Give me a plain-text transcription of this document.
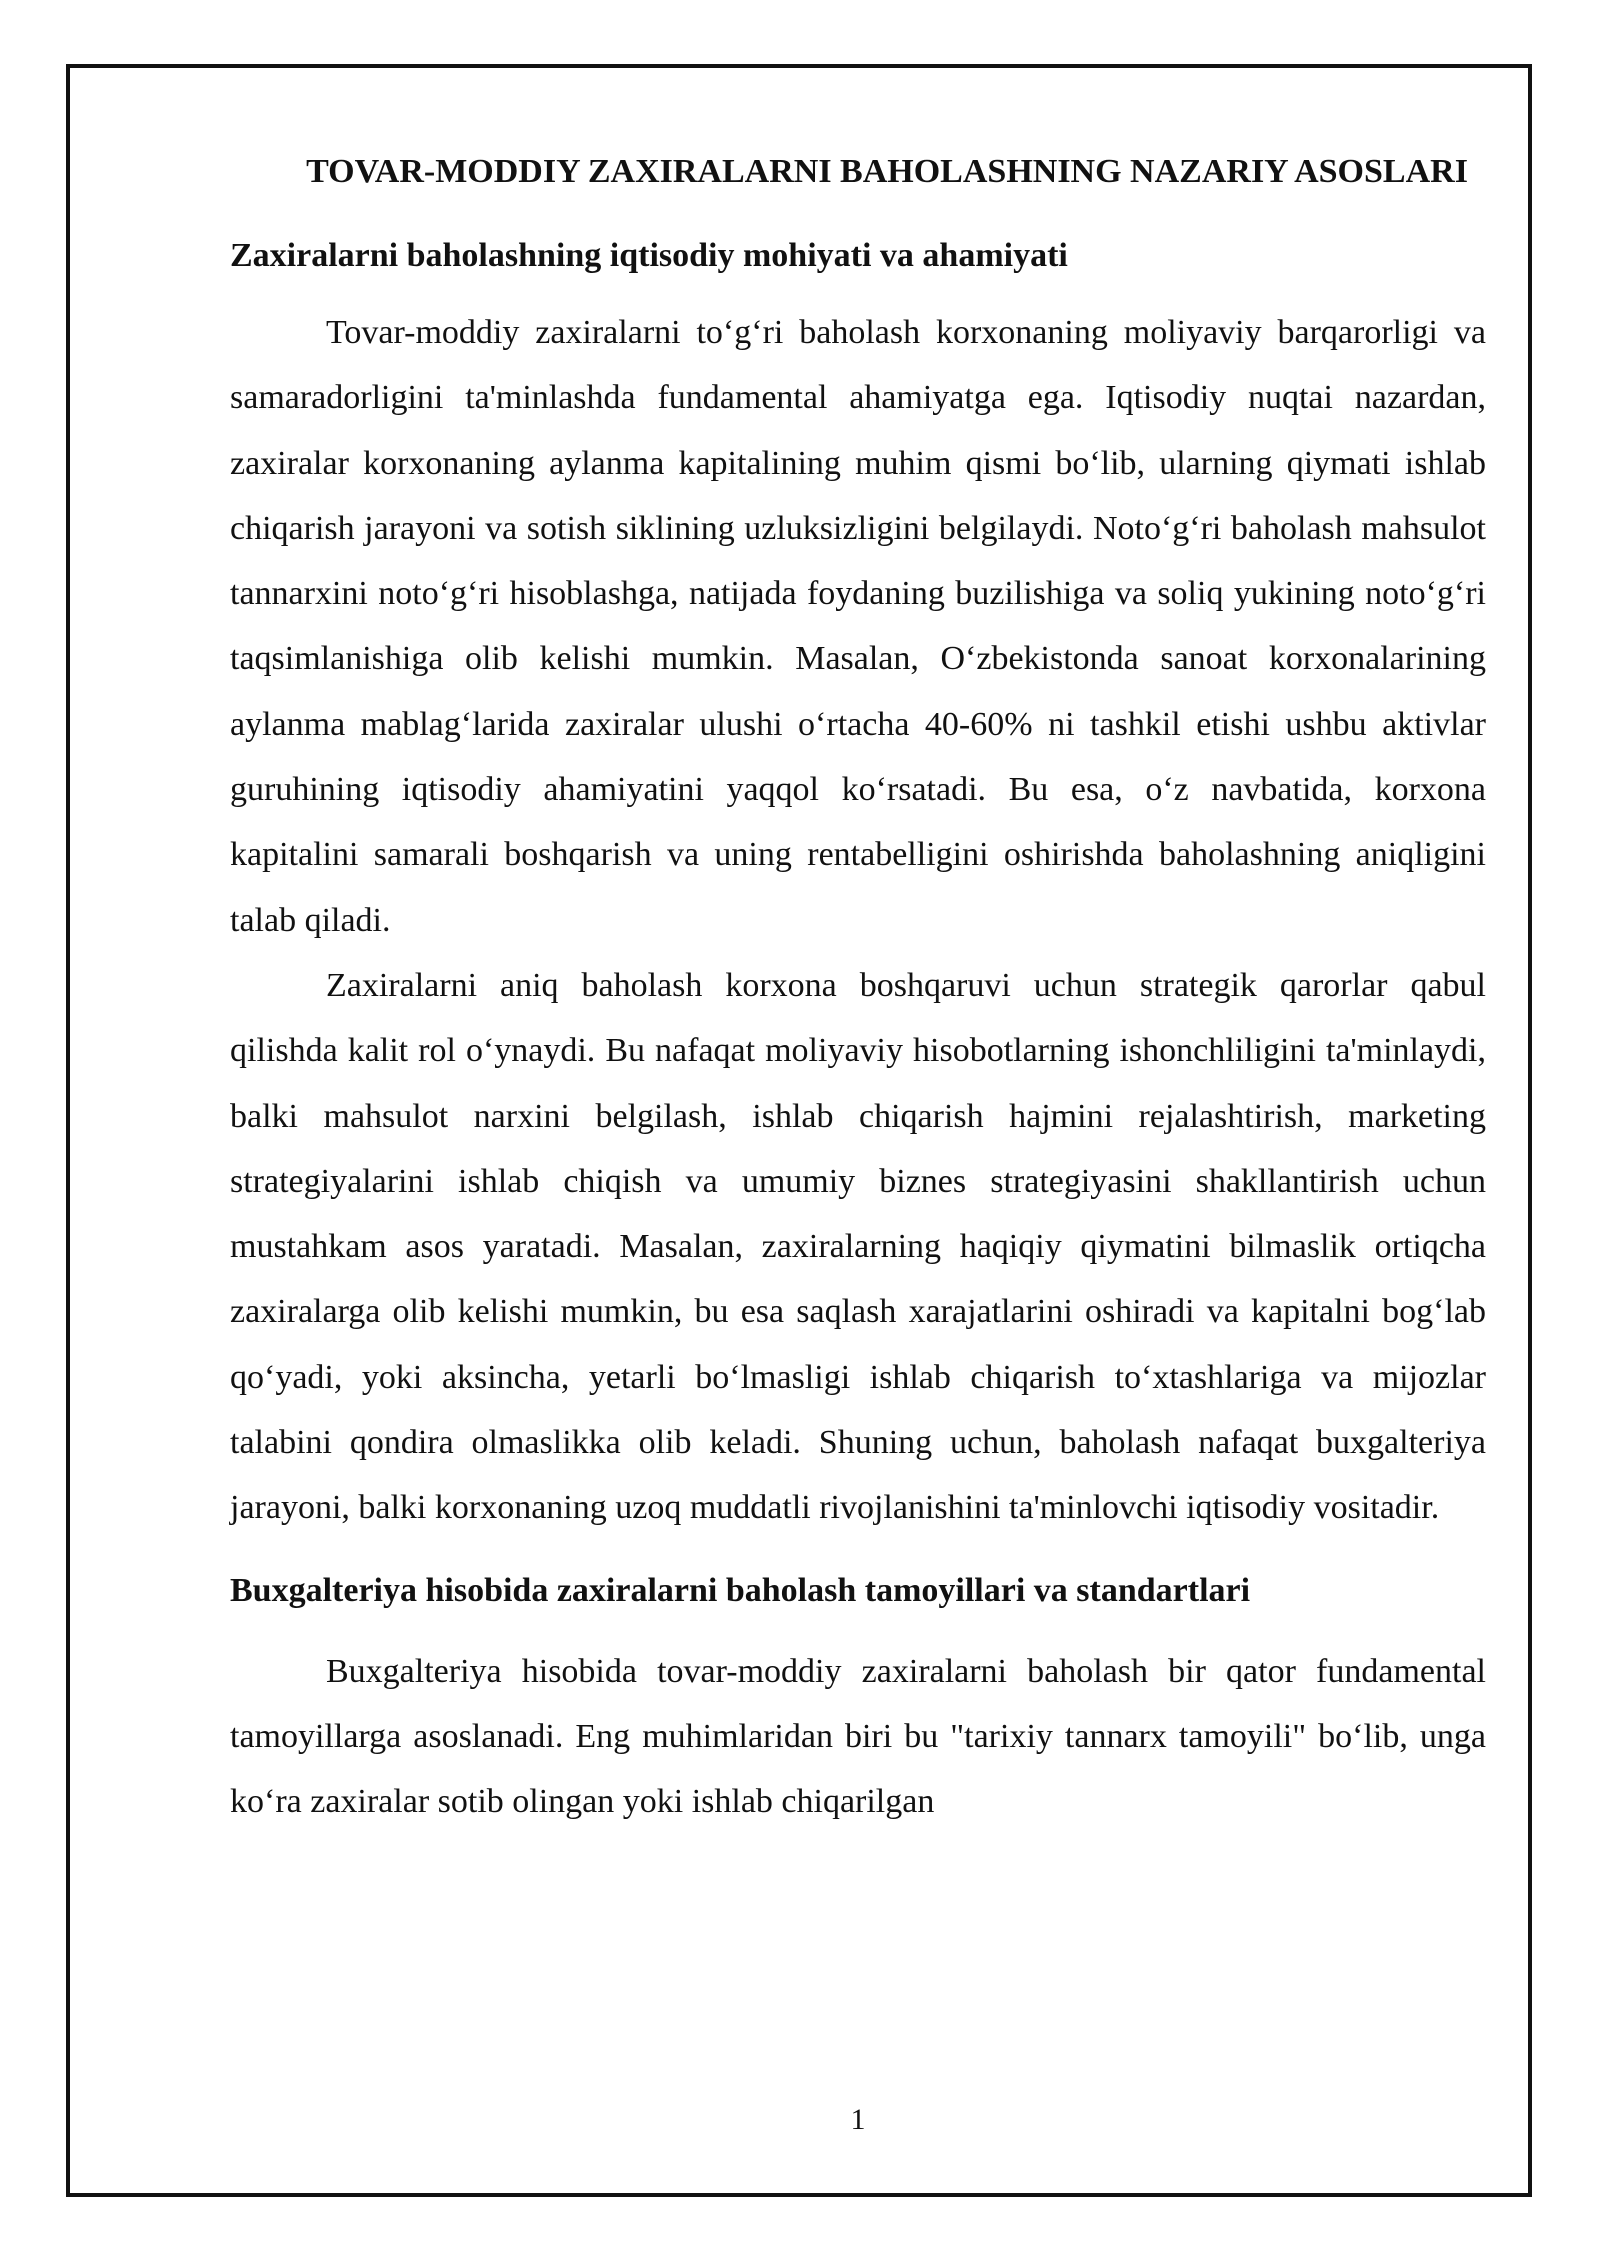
TOVAR-MODDIY ZAXIRALARNI BAHOLASHNING NAZARIY ASOSLARI
Zaxiralarni baholashning iqtisodiy mohiyati va ahamiyati

Tovar-moddiy zaxiralarni to‘g‘ri baholash korxonaning moliyaviy barqarorligi va samaradorligini ta'minlashda fundamental ahamiyatga ega. Iqtisodiy nuqtai nazardan, zaxiralar korxonaning aylanma kapitalining muhim qismi bo‘lib, ularning qiymati ishlab chiqarish jarayoni va sotish siklining uzluksizligini belgilaydi. Noto‘g‘ri baholash mahsulot tannarxini noto‘g‘ri hisoblashga, natijada foydaning buzilishiga va soliq yukining noto‘g‘ri taqsimlanishiga olib kelishi mumkin. Masalan, O‘zbekistonda sanoat korxonalarining aylanma mablag‘larida zaxiralar ulushi o‘rtacha 40-60% ni tashkil etishi ushbu aktivlar guruhining iqtisodiy ahamiyatini yaqqol ko‘rsatadi. Bu esa, o‘z navbatida, korxona kapitalini samarali boshqarish va uning rentabelligini oshirishda baholashning aniqligini talab qiladi.

Zaxiralarni aniq baholash korxona boshqaruvi uchun strategik qarorlar qabul qilishda kalit rol o‘ynaydi. Bu nafaqat moliyaviy hisobotlarning ishonchliligini ta'minlaydi, balki mahsulot narxini belgilash, ishlab chiqarish hajmini rejalashtirish, marketing strategiyalarini ishlab chiqish va umumiy biznes strategiyasini shakllantirish uchun mustahkam asos yaratadi. Masalan, zaxiralarning haqiqiy qiymatini bilmaslik ortiqcha zaxiralarga olib kelishi mumkin, bu esa saqlash xarajatlarini oshiradi va kapitalni bog‘lab qo‘yadi, yoki aksincha, yetarli bo‘lmasligi ishlab chiqarish to‘xtashlariga va mijozlar talabini qondira olmaslikka olib keladi. Shuning uchun, baholash nafaqat buxgalteriya jarayoni, balki korxonaning uzoq muddatli rivojlanishini ta'minlovchi iqtisodiy vositadir.

Buxgalteriya hisobida zaxiralarni baholash tamoyillari va standartlari

Buxgalteriya hisobida tovar-moddiy zaxiralarni baholash bir qator fundamental tamoyillarga asoslanadi. Eng muhimlaridan biri bu "tarixiy tannarx tamoyili" bo‘lib, unga ko‘ra zaxiralar sotib olingan yoki ishlab chiqarilgan

1
